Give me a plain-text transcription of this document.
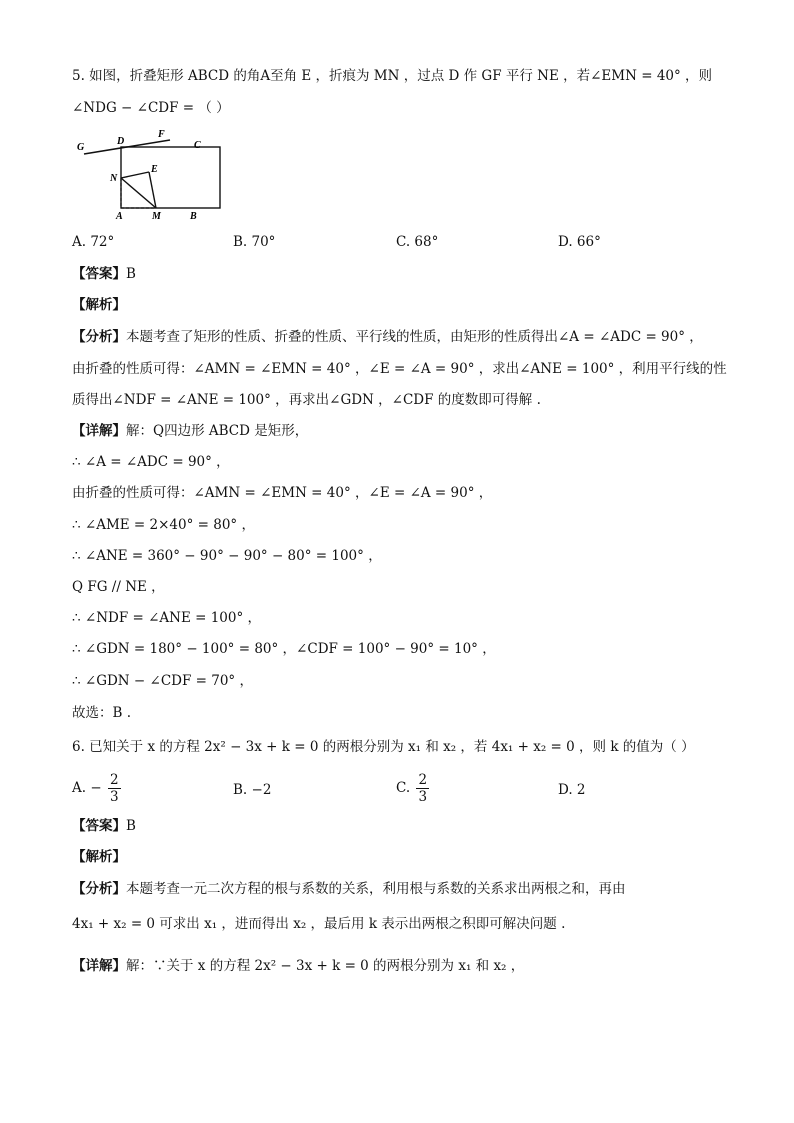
5. 如图，折叠矩形 ABCD 的角A至角 E ，折痕为 MN ，过点 D 作 GF 平行 NE ，若∠EMN = 40° ，则
∠NDG − ∠CDF = （ ）
G
D
F
C
N
E
A	M	B
A. 72°	B. 70°	C. 68°	D. 66°
【答案】B
【解析】
【分析】本题考查了矩形的性质、折叠的性质、平行线的性质，由矩形的性质得出∠A = ∠ADC = 90° ，
由折叠的性质可得：∠AMN = ∠EMN = 40° ，∠E = ∠A = 90° ，求出∠ANE = 100° ，利用平行线的性
质得出∠NDF = ∠ANE = 100° ，再求出∠GDN ，∠CDF 的度数即可得解 .
【详解】解：Q四边形 ABCD 是矩形，
∴ ∠A = ∠ADC = 90° ，
由折叠的性质可得：∠AMN = ∠EMN = 40° ，∠E = ∠A = 90° ，
∴ ∠AME = 2×40° = 80° ，
∴ ∠ANE = 360° − 90° − 90° − 80° = 100° ，
Q FG // NE ，
∴ ∠NDF = ∠ANE = 100° ，
∴ ∠GDN = 180° − 100° = 80° ，∠CDF = 100° − 90° = 10° ，
∴ ∠GDN − ∠CDF = 70° ，
故选：B .
6. 已知关于 x 的方程 2x² − 3x + k = 0 的两根分别为 x₁ 和 x₂ ，若 4x₁ + x₂ = 0 ，则 k 的值为（ ）
A. − $\frac{2}{3}$	B. −2	C. $\frac{2}{3}$	D. 2
【答案】B
【解析】
【分析】本题考查一元二次方程的根与系数的关系，利用根与系数的关系求出两根之和，再由
4x₁ + x₂ = 0 可求出 x₁ ，进而得出 x₂ ，最后用 k 表示出两根之积即可解决问题 .
【详解】解：∵关于 x 的方程 2x² − 3x + k = 0 的两根分别为 x₁ 和 x₂ ，
